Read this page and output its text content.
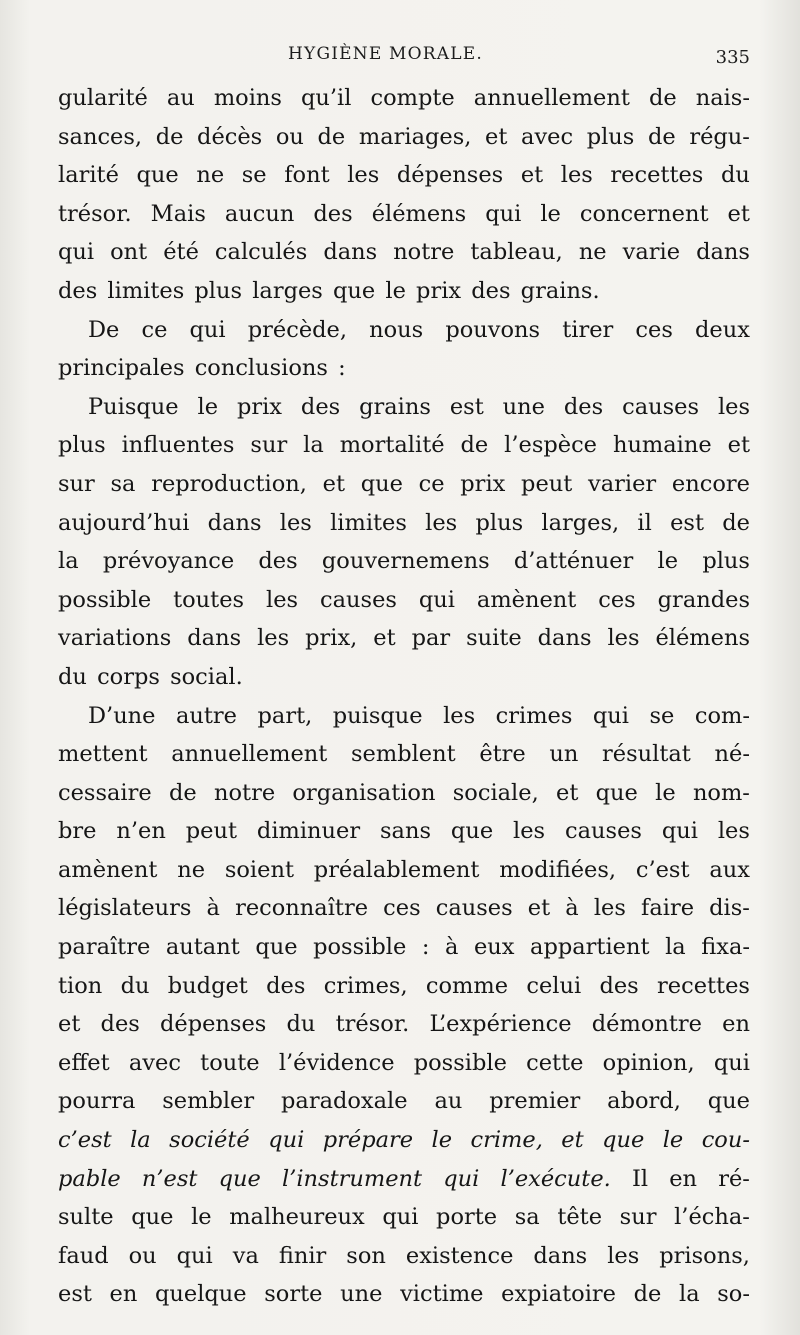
HYGIÈNE MORALE.	335
gularité au moins qu’il compte annuellement de nais-
sances, de décès ou de mariages, et avec plus de régu-
larité que ne se font les dépenses et les recettes du
trésor. Mais aucun des élémens qui le concernent et
qui ont été calculés dans notre tableau, ne varie dans
des
limites
plus
larges
que
le
prix
des
grains.
De ce qui précède, nous pouvons tirer ces deux
principales
conclusions
:
Puisque le prix des grains est une des causes les
plus influentes sur la mortalité de l’espèce humaine et
sur sa reproduction, et que ce prix peut varier encore
aujourd’hui dans les limites les plus larges, il est de
la prévoyance des gouvernemens d’atténuer le plus
possible toutes les causes qui amènent ces grandes
variations dans les prix, et par suite dans les élémens
du
corps
social.
D’une autre part, puisque les crimes qui se com-
mettent annuellement semblent être un résultat né-
cessaire de notre organisation sociale, et que le nom-
bre n’en peut diminuer sans que les causes qui les
amènent ne soient préalablement modifiées, c’est aux
législateurs à reconnaître ces causes et à les faire dis-
paraître autant que possible : à eux appartient la fixa-
tion du budget des crimes, comme celui des recettes
et des dépenses du trésor. L’expérience démontre en
effet avec toute l’évidence possible cette opinion, qui
pourra sembler paradoxale au premier abord, que
c’est la société qui prépare le crime, et que le cou-
pable n’est que l’instrument qui l’exécute. Il en ré-
sulte que le malheureux qui porte sa tête sur l’écha-
faud ou qui va finir son existence dans les prisons,
est en quelque sorte une victime expiatoire de la so-
